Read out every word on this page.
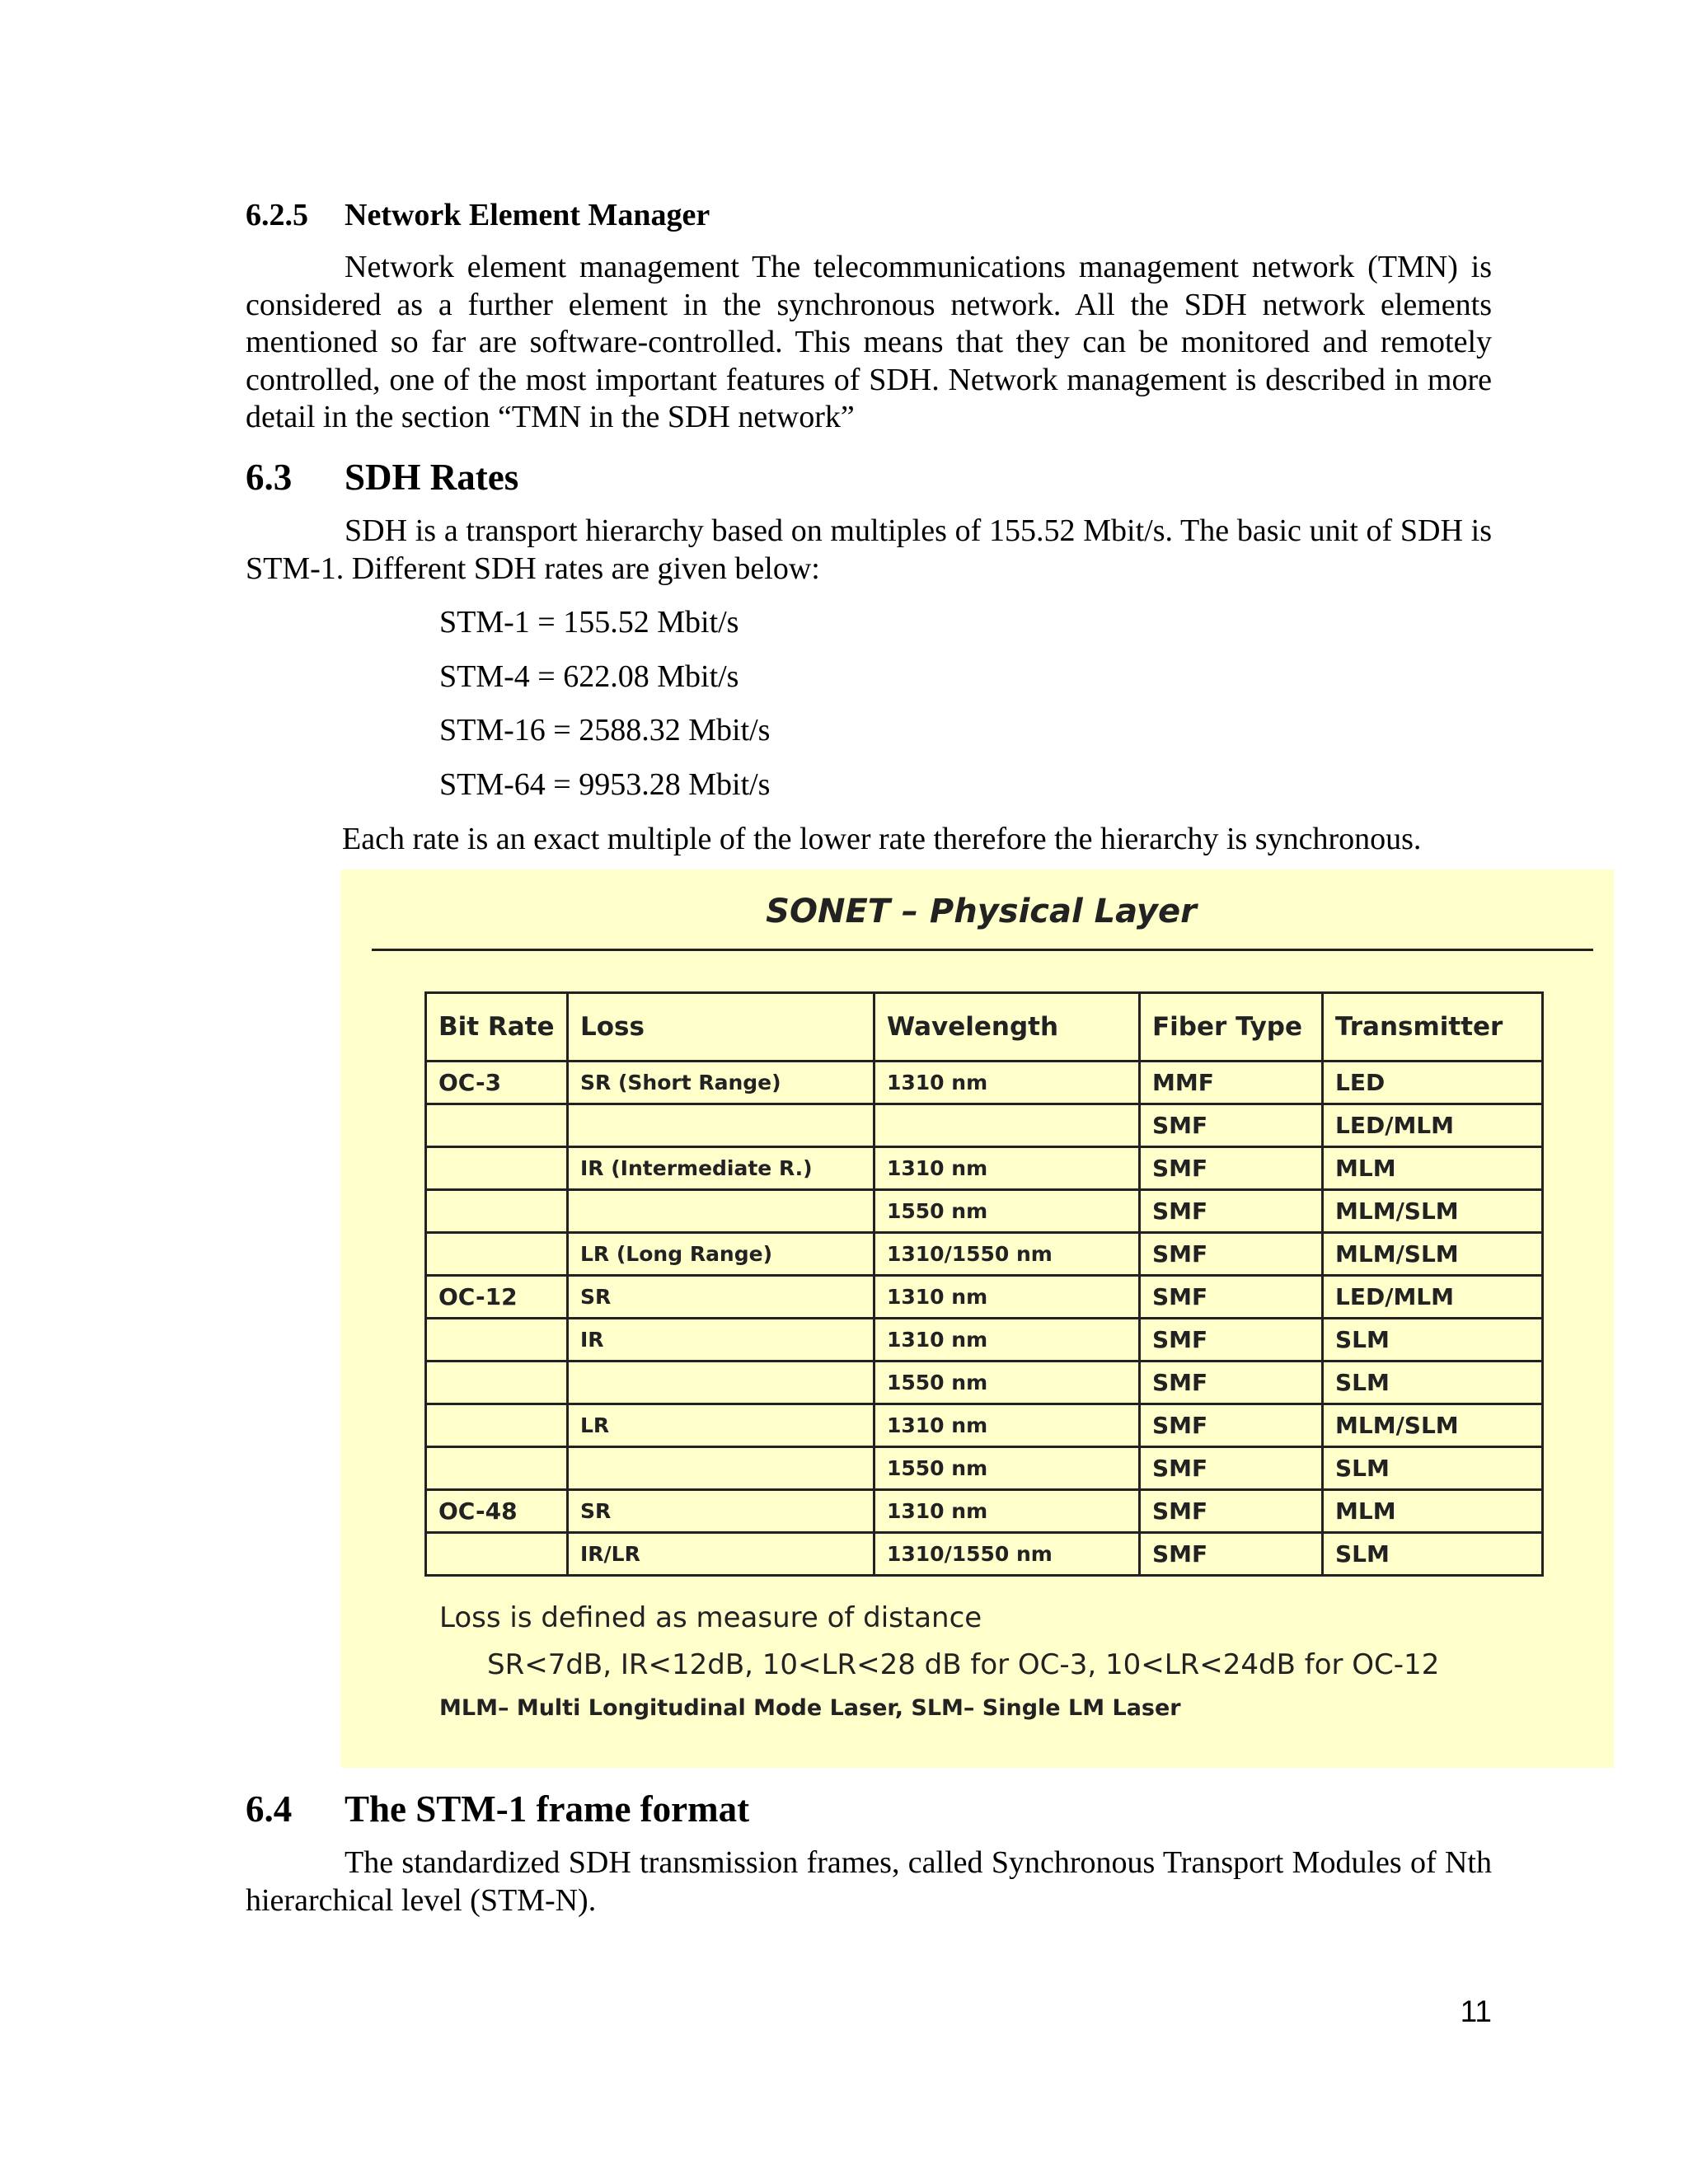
6.2.5 Network Element Manager

Network element management The telecommunications management network (TMN) is considered as a further element in the synchronous network. All the SDH network elements mentioned so far are software-controlled. This means that they can be monitored and remotely controlled, one of the most important features of SDH. Network management is described in more detail in the section “TMN in the SDH network”

6.3 SDH Rates

SDH is a transport hierarchy based on multiples of 155.52 Mbit/s. The basic unit of SDH is STM-1. Different SDH rates are given below:

STM-1 = 155.52 Mbit/s
STM-4 = 622.08 Mbit/s
STM-16 = 2588.32 Mbit/s
STM-64 = 9953.28 Mbit/s

Each rate is an exact multiple of the lower rate therefore the hierarchy is synchronous.

SONET – Physical Layer
Bit Rate	Loss	Wavelength	Fiber Type	Transmitter
OC-3	SR (Short Range)	1310 nm	MMF	LED
			SMF	LED/MLM
	IR (Intermediate R.)	1310 nm	SMF	MLM
		1550 nm	SMF	MLM/SLM
	LR (Long Range)	1310/1550 nm	SMF	MLM/SLM
OC-12	SR	1310 nm	SMF	LED/MLM
	IR	1310 nm	SMF	SLM
		1550 nm	SMF	SLM
	LR	1310 nm	SMF	MLM/SLM
		1550 nm	SMF	SLM
OC-48	SR	1310 nm	SMF	MLM
	IR/LR	1310/1550 nm	SMF	SLM
Loss is defined as measure of distance
SR<7dB, IR<12dB, 10<LR<28 dB for OC-3, 10<LR<24dB for OC-12
MLM– Multi Longitudinal Mode Laser, SLM– Single LM Laser
6.4 The STM-1 frame format

The standardized SDH transmission frames, called Synchronous Transport Modules of Nth hierarchical level (STM-N).

11
